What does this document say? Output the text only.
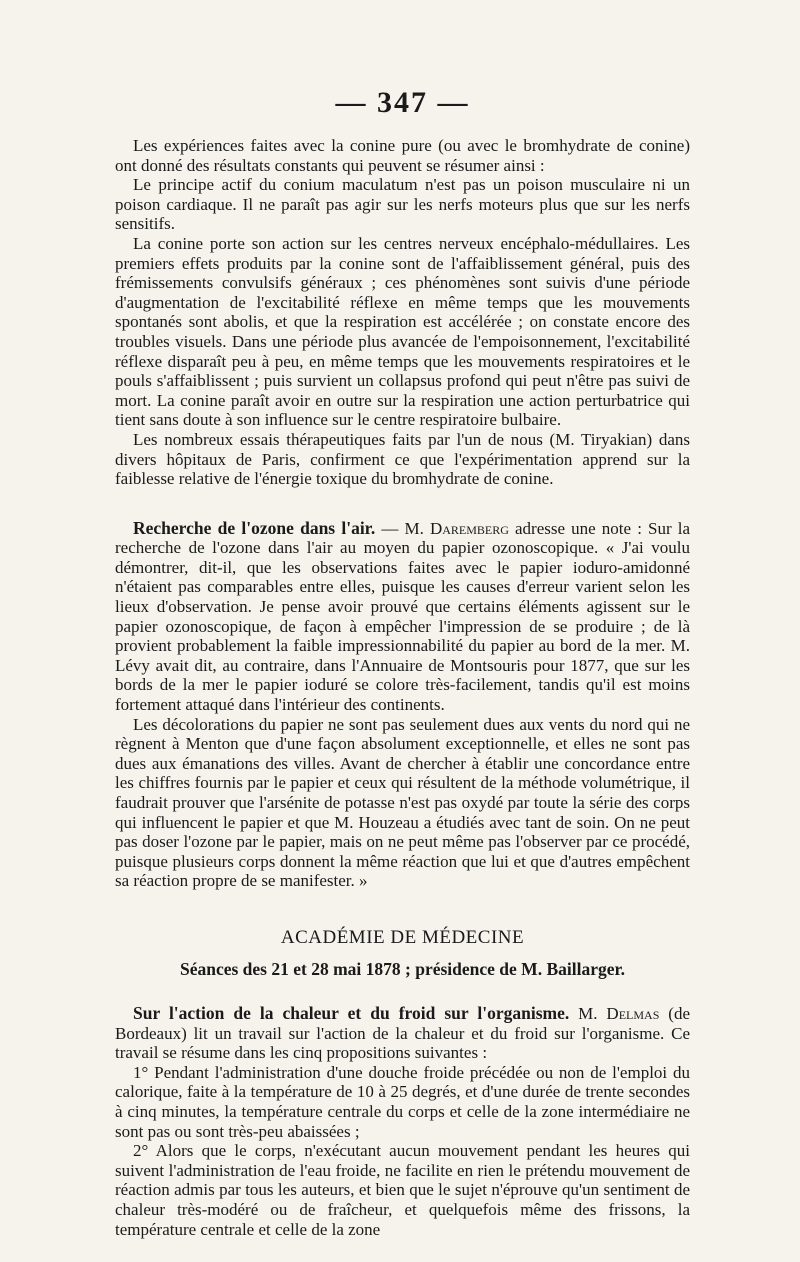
— 347 —

Les expériences faites avec la conine pure (ou avec le bromhydrate de conine) ont donné des résultats constants qui peuvent se résumer ainsi :

Le principe actif du conium maculatum n'est pas un poison musculaire ni un poison cardiaque. Il ne paraît pas agir sur les nerfs moteurs plus que sur les nerfs sensitifs.

La conine porte son action sur les centres nerveux encéphalo-médullaires. Les premiers effets produits par la conine sont de l'affaiblissement général, puis des frémissements convulsifs généraux ; ces phénomènes sont suivis d'une période d'augmentation de l'excitabilité réflexe en même temps que les mouvements spontanés sont abolis, et que la respiration est accélérée ; on constate encore des troubles visuels. Dans une période plus avancée de l'empoisonnement, l'excitabilité réflexe disparaît peu à peu, en même temps que les mouvements respiratoires et le pouls s'affaiblissent ; puis survient un collapsus profond qui peut n'être pas suivi de mort. La conine paraît avoir en outre sur la respiration une action perturbatrice qui tient sans doute à son influence sur le centre respiratoire bulbaire.

Les nombreux essais thérapeutiques faits par l'un de nous (M. Tiryakian) dans divers hôpitaux de Paris, confirment ce que l'expérimentation apprend sur la faiblesse relative de l'énergie toxique du bromhydrate de conine.

Recherche de l'ozone dans l'air. — M. Daremberg adresse une note : Sur la recherche de l'ozone dans l'air au moyen du papier ozonoscopique. « J'ai voulu démontrer, dit-il, que les observations faites avec le papier ioduro-amidonné n'étaient pas comparables entre elles, puisque les causes d'erreur varient selon les lieux d'observation. Je pense avoir prouvé que certains éléments agissent sur le papier ozonoscopique, de façon à empêcher l'impression de se produire ; de là provient probablement la faible impressionnabilité du papier au bord de la mer. M. Lévy avait dit, au contraire, dans l'Annuaire de Montsouris pour 1877, que sur les bords de la mer le papier ioduré se colore très-facilement, tandis qu'il est moins fortement attaqué dans l'intérieur des continents.

Les décolorations du papier ne sont pas seulement dues aux vents du nord qui ne règnent à Menton que d'une façon absolument exceptionnelle, et elles ne sont pas dues aux émanations des villes. Avant de chercher à établir une concordance entre les chiffres fournis par le papier et ceux qui résultent de la méthode volumétrique, il faudrait prouver que l'arsénite de potasse n'est pas oxydé par toute la série des corps qui influencent le papier et que M. Houzeau a étudiés avec tant de soin. On ne peut pas doser l'ozone par le papier, mais on ne peut même pas l'observer par ce procédé, puisque plusieurs corps donnent la même réaction que lui et que d'autres empêchent sa réaction propre de se manifester. »

ACADÉMIE DE MÉDECINE
Séances des 21 et 28 mai 1878 ; présidence de M. Baillarger.

Sur l'action de la chaleur et du froid sur l'organisme. M. Delmas (de Bordeaux) lit un travail sur l'action de la chaleur et du froid sur l'organisme. Ce travail se résume dans les cinq propositions suivantes :

1° Pendant l'administration d'une douche froide précédée ou non de l'emploi du calorique, faite à la température de 10 à 25 degrés, et d'une durée de trente secondes à cinq minutes, la température centrale du corps et celle de la zone intermédiaire ne sont pas ou sont très-peu abaissées ;

2° Alors que le corps, n'exécutant aucun mouvement pendant les heures qui suivent l'administration de l'eau froide, ne facilite en rien le prétendu mouvement de réaction admis par tous les auteurs, et bien que le sujet n'éprouve qu'un sentiment de chaleur très-modéré ou de fraîcheur, et quelquefois même des frissons, la température centrale et celle de la zone
